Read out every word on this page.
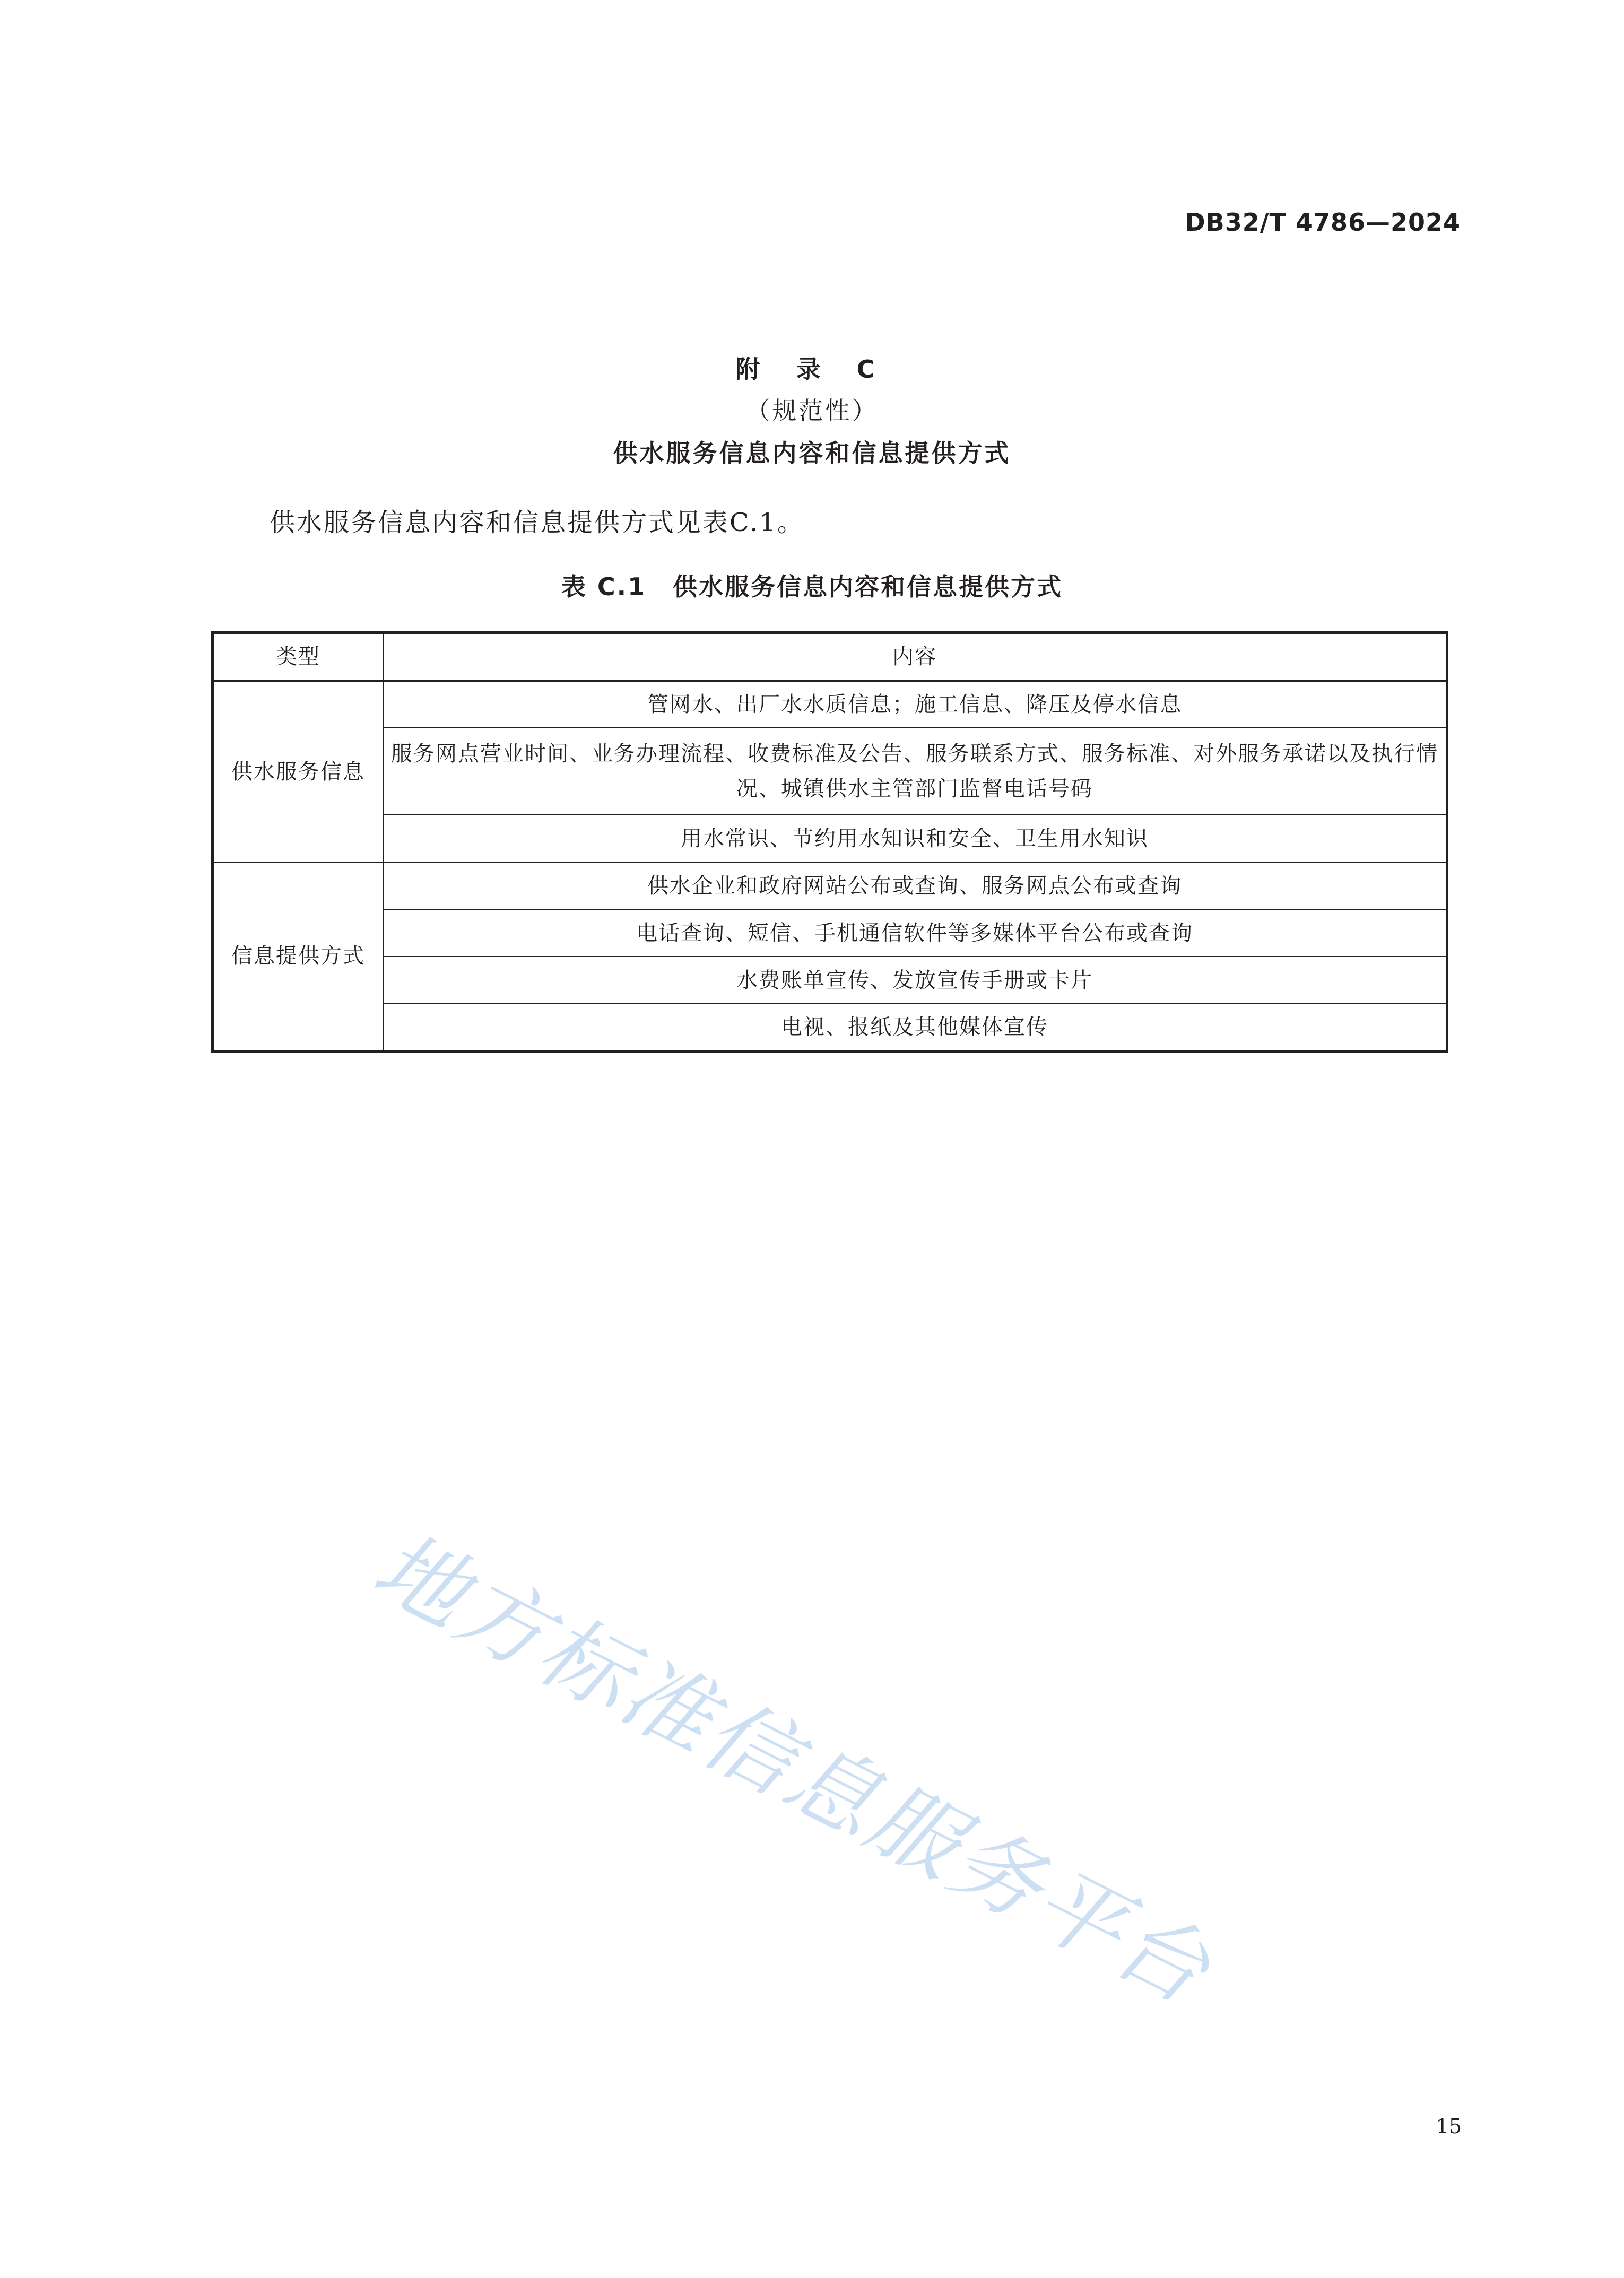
DB32/T 4786—2024
附 录 C
（规范性）
供水服务信息内容和信息提供方式
供水服务信息内容和信息提供方式见表C.1。
表 C.1 供水服务信息内容和信息提供方式
类型	内容
供水服务信息	管网水、出厂水水质信息；施工信息、降压及停水信息
	服务网点营业时间、业务办理流程、收费标准及公告、服务联系方式、服务标准、对外服务承诺以及执行情况、城镇供水主管部门监督电话号码
	用水常识、节约用水知识和安全、卫生用水知识
信息提供方式	供水企业和政府网站公布或查询、服务网点公布或查询
	电话查询、短信、手机通信软件等多媒体平台公布或查询
	水费账单宣传、发放宣传手册或卡片
	电视、报纸及其他媒体宣传
地方标准信息服务平台
15
